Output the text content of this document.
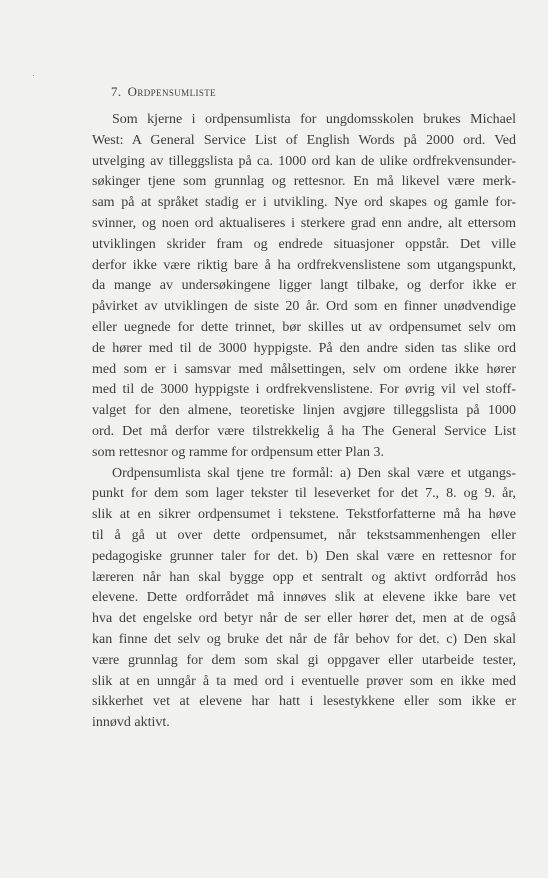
7. Ordpensumliste
Som kjerne i ordpensumlista for ungdomsskolen brukes Michael
West: A General Service List of English Words på 2000 ord. Ved
utvelging av tilleggslista på ca. 1000 ord kan de ulike ordfrekvensunder-
søkinger tjene som grunnlag og rettesnor. En må likevel være merk-
sam på at språket stadig er i utvikling. Nye ord skapes og gamle for-
svinner, og noen ord aktualiseres i sterkere grad enn andre, alt ettersom
utviklingen skrider fram og endrede situasjoner oppstår. Det ville
derfor ikke være riktig bare å ha ordfrekvenslistene som utgangspunkt,
da mange av undersøkingene ligger langt tilbake, og derfor ikke er
påvirket av utviklingen de siste 20 år. Ord som en finner unødvendige
eller uegnede for dette trinnet, bør skilles ut av ordpensumet selv om
de hører med til de 3000 hyppigste. På den andre siden tas slike ord
med som er i samsvar med målsettingen, selv om ordene ikke hører
med til de 3000 hyppigste i ordfrekvenslistene. For øvrig vil vel stoff-
valget for den almene, teoretiske linjen avgjøre tilleggslista på 1000
ord. Det må derfor være tilstrekkelig å ha The General Service List
som rettesnor og ramme for ordpensum etter Plan 3.
Ordpensumlista skal tjene tre formål: a) Den skal være et utgangs-
punkt for dem som lager tekster til leseverket for det 7., 8. og 9. år,
slik at en sikrer ordpensumet i tekstene. Tekstforfatterne må ha høve
til å gå ut over dette ordpensumet, når tekstsammenhengen eller
pedagogiske grunner taler for det. b) Den skal være en rettesnor for
læreren når han skal bygge opp et sentralt og aktivt ordforråd hos
elevene. Dette ordforrådet må innøves slik at elevene ikke bare vet
hva det engelske ord betyr når de ser eller hører det, men at de også
kan finne det selv og bruke det når de får behov for det. c) Den skal
være grunnlag for dem som skal gi oppgaver eller utarbeide tester,
slik at en unngår å ta med ord i eventuelle prøver som en ikke med
sikkerhet vet at elevene har hatt i lesestykkene eller som ikke er
innøvd aktivt.
